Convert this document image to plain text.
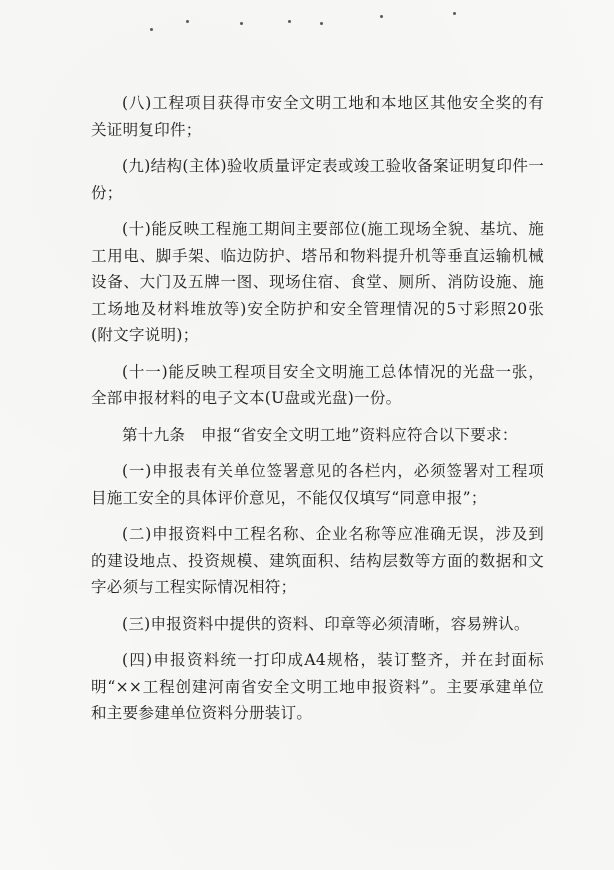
(八)工程项目获得市安全文明工地和本地区其他安全奖的有关证明复印件；

(九)结构(主体)验收质量评定表或竣工验收备案证明复印件一份；

(十)能反映工程施工期间主要部位(施工现场全貌、基坑、施工用电、脚手架、临边防护、塔吊和物料提升机等垂直运输机械设备、大门及五牌一图、现场住宿、食堂、厕所、消防设施、施工场地及材料堆放等)安全防护和安全管理情况的5寸彩照20张(附文字说明)；

(十一)能反映工程项目安全文明施工总体情况的光盘一张，全部申报材料的电子文本(U盘或光盘)一份。

第十九条　申报“省安全文明工地”资料应符合以下要求：

(一)申报表有关单位签署意见的各栏内，必须签署对工程项目施工安全的具体评价意见，不能仅仅填写“同意申报”；

(二)申报资料中工程名称、企业名称等应准确无误，涉及到的建设地点、投资规模、建筑面积、结构层数等方面的数据和文字必须与工程实际情况相符；

(三)申报资料中提供的资料、印章等必须清晰，容易辨认。

(四)申报资料统一打印成A4规格，装订整齐，并在封面标明“××工程创建河南省安全文明工地申报资料”。主要承建单位和主要参建单位资料分册装订。
